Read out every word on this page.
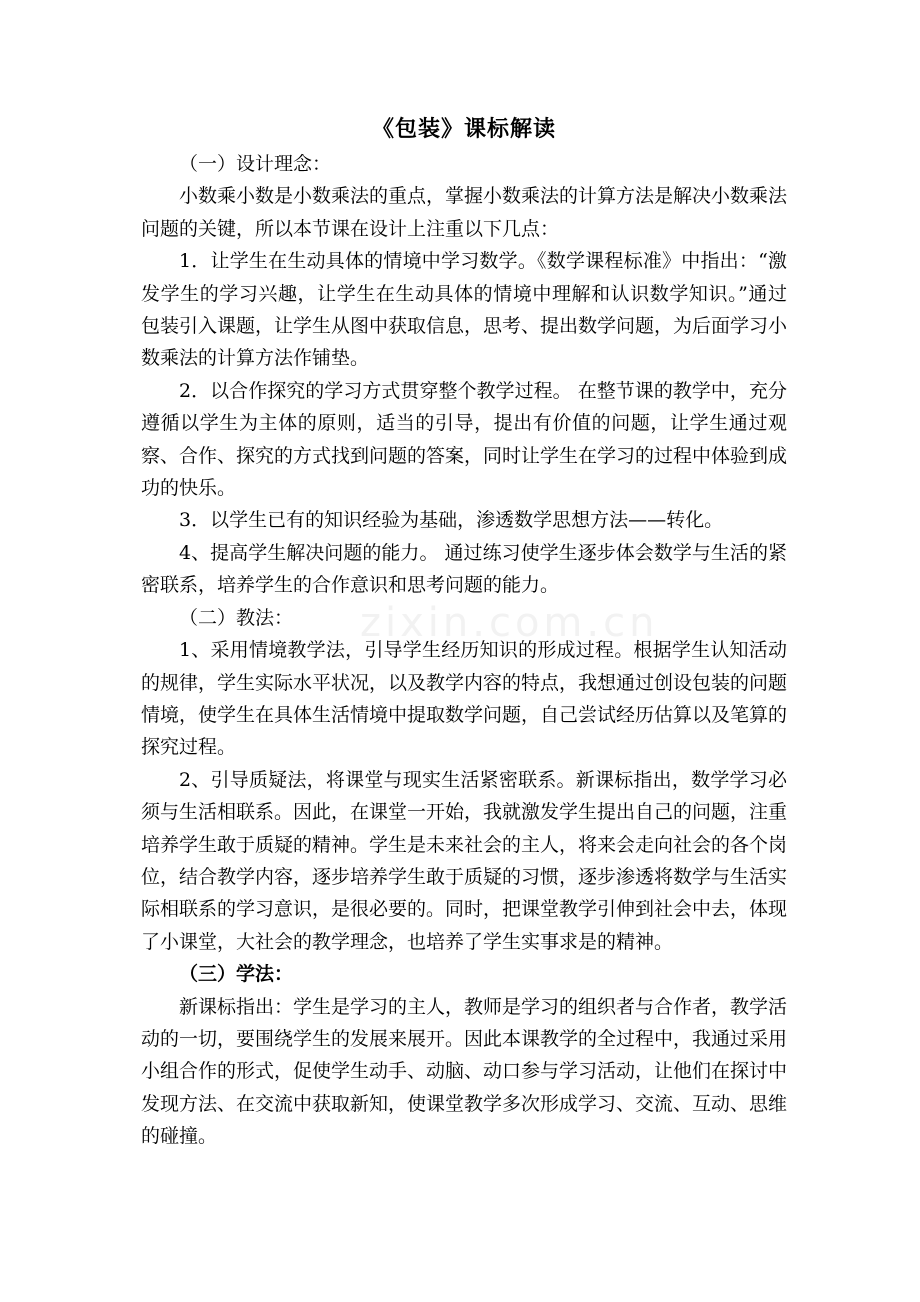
zixin.com.cn
《包装》课标解读

（一）设计理念：

小数乘小数是小数乘法的重点，掌握小数乘法的计算方法是解决小数乘法问题的关键，所以本节课在设计上注重以下几点：

1．让学生在生动具体的情境中学习数学。《数学课程标准》中指出：“激发学生的学习兴趣，让学生在生动具体的情境中理解和认识数学知识。”通过包装引入课题，让学生从图中获取信息，思考、提出数学问题，为后面学习小数乘法的计算方法作铺垫。

2．以合作探究的学习方式贯穿整个教学过程。 在整节课的教学中，充分遵循以学生为主体的原则，适当的引导，提出有价值的问题，让学生通过观察、合作、探究的方式找到问题的答案，同时让学生在学习的过程中体验到成功的快乐。

3．以学生已有的知识经验为基础，渗透数学思想方法——转化。

4、提高学生解决问题的能力。 通过练习使学生逐步体会数学与生活的紧密联系，培养学生的合作意识和思考问题的能力。

（二）教法：

1、采用情境教学法，引导学生经历知识的形成过程。根据学生认知活动的规律，学生实际水平状况，以及教学内容的特点，我想通过创设包装的问题情境，使学生在具体生活情境中提取数学问题，自己尝试经历估算以及笔算的探究过程。

2、引导质疑法，将课堂与现实生活紧密联系。新课标指出，数学学习必须与生活相联系。因此，在课堂一开始，我就激发学生提出自己的问题，注重培养学生敢于质疑的精神。学生是未来社会的主人，将来会走向社会的各个岗位，结合教学内容，逐步培养学生敢于质疑的习惯，逐步渗透将数学与生活实际相联系的学习意识，是很必要的。同时，把课堂教学引伸到社会中去，体现了小课堂，大社会的教学理念，也培养了学生实事求是的精神。

（三）学法：

新课标指出：学生是学习的主人，教师是学习的组织者与合作者，教学活动的一切，要围绕学生的发展来展开。因此本课教学的全过程中，我通过采用小组合作的形式，促使学生动手、动脑、动口参与学习活动，让他们在探讨中发现方法、在交流中获取新知，使课堂教学多次形成学习、交流、互动、思维的碰撞。
